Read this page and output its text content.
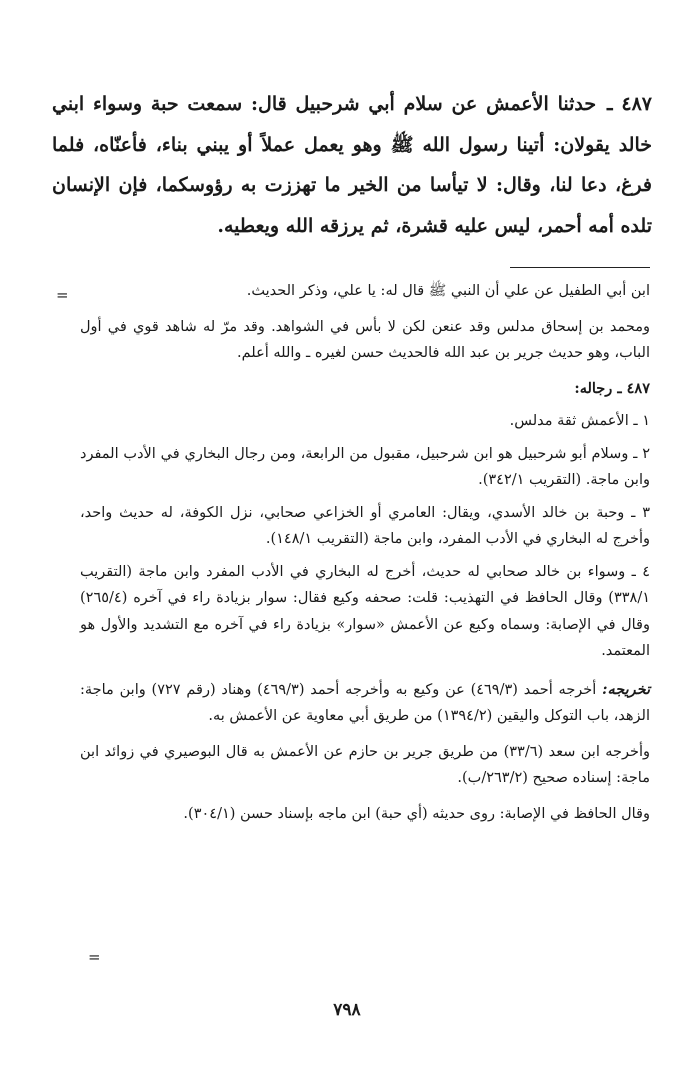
٤٨٧ ـ حدثنا الأعمش عن سلام أبي شرحبيل قال: سمعت حبة وسواء ابني خالد يقولان: أتينا رسول الله ﷺ وهو يعمل عملاً أو يبني بناء، فأعنّاه، فلما فرغ، دعا لنا، وقال: لا تيأسا من الخير ما تهززت به رؤوسكما، فإن الإنسان تلده أمه أحمر، ليس عليه قشرة، ثم يرزقه الله ويعطيه.
=	ابن أبي الطفيل عن علي أن النبي ﷺ قال له: يا علي، وذكر الحديث.

ومحمد بن إسحاق مدلس وقد عنعن لكن لا بأس في الشواهد. وقد مرّ له شاهد قوي في أول الباب، وهو حديث جرير بن عبد الله فالحديث حسن لغيره ـ والله أعلم.

٤٨٧ ـ رجاله:

١ ـ الأعمش ثقة مدلس.

٢ ـ وسلام أبو شرحبيل هو ابن شرحبيل، مقبول من الرابعة، ومن رجال البخاري في الأدب المفرد وابن ماجة. (التقريب ٣٤٢/١).

٣ ـ وحبة بن خالد الأسدي، ويقال: العامري أو الخزاعي صحابي، نزل الكوفة، له حديث واحد، وأخرج له البخاري في الأدب المفرد، وابن ماجة (التقريب ١٤٨/١).

٤ ـ وسواء بن خالد صحابي له حديث، أخرج له البخاري في الأدب المفرد وابن ماجة (التقريب ٣٣٨/١) وقال الحافظ في التهذيب: قلت: صحفه وكيع فقال: سوار بزيادة راء في آخره (٢٦٥/٤) وقال في الإصابة: وسماه وكيع عن الأعمش «سوار» بزيادة راء في آخره مع التشديد والأول هو المعتمد.

تخريجه: أخرجه أحمد (٤٦٩/٣) عن وكيع به وأخرجه أحمد (٤٦٩/٣) وهناد (رقم ٧٢٧) وابن ماجة: الزهد، باب التوكل واليقين (١٣٩٤/٢) من طريق أبي معاوية عن الأعمش به.

وأخرجه ابن سعد (٣٣/٦) من طريق جرير بن حازم عن الأعمش به قال البوصيري في زوائد ابن ماجة: إسناده صحيح (٢٦٣/٢/ب).

وقال الحافظ في الإصابة: روى حديثه (أي حبة) ابن ماجه بإسناد حسن (٣٠٤/١).

=
٧٩٨
